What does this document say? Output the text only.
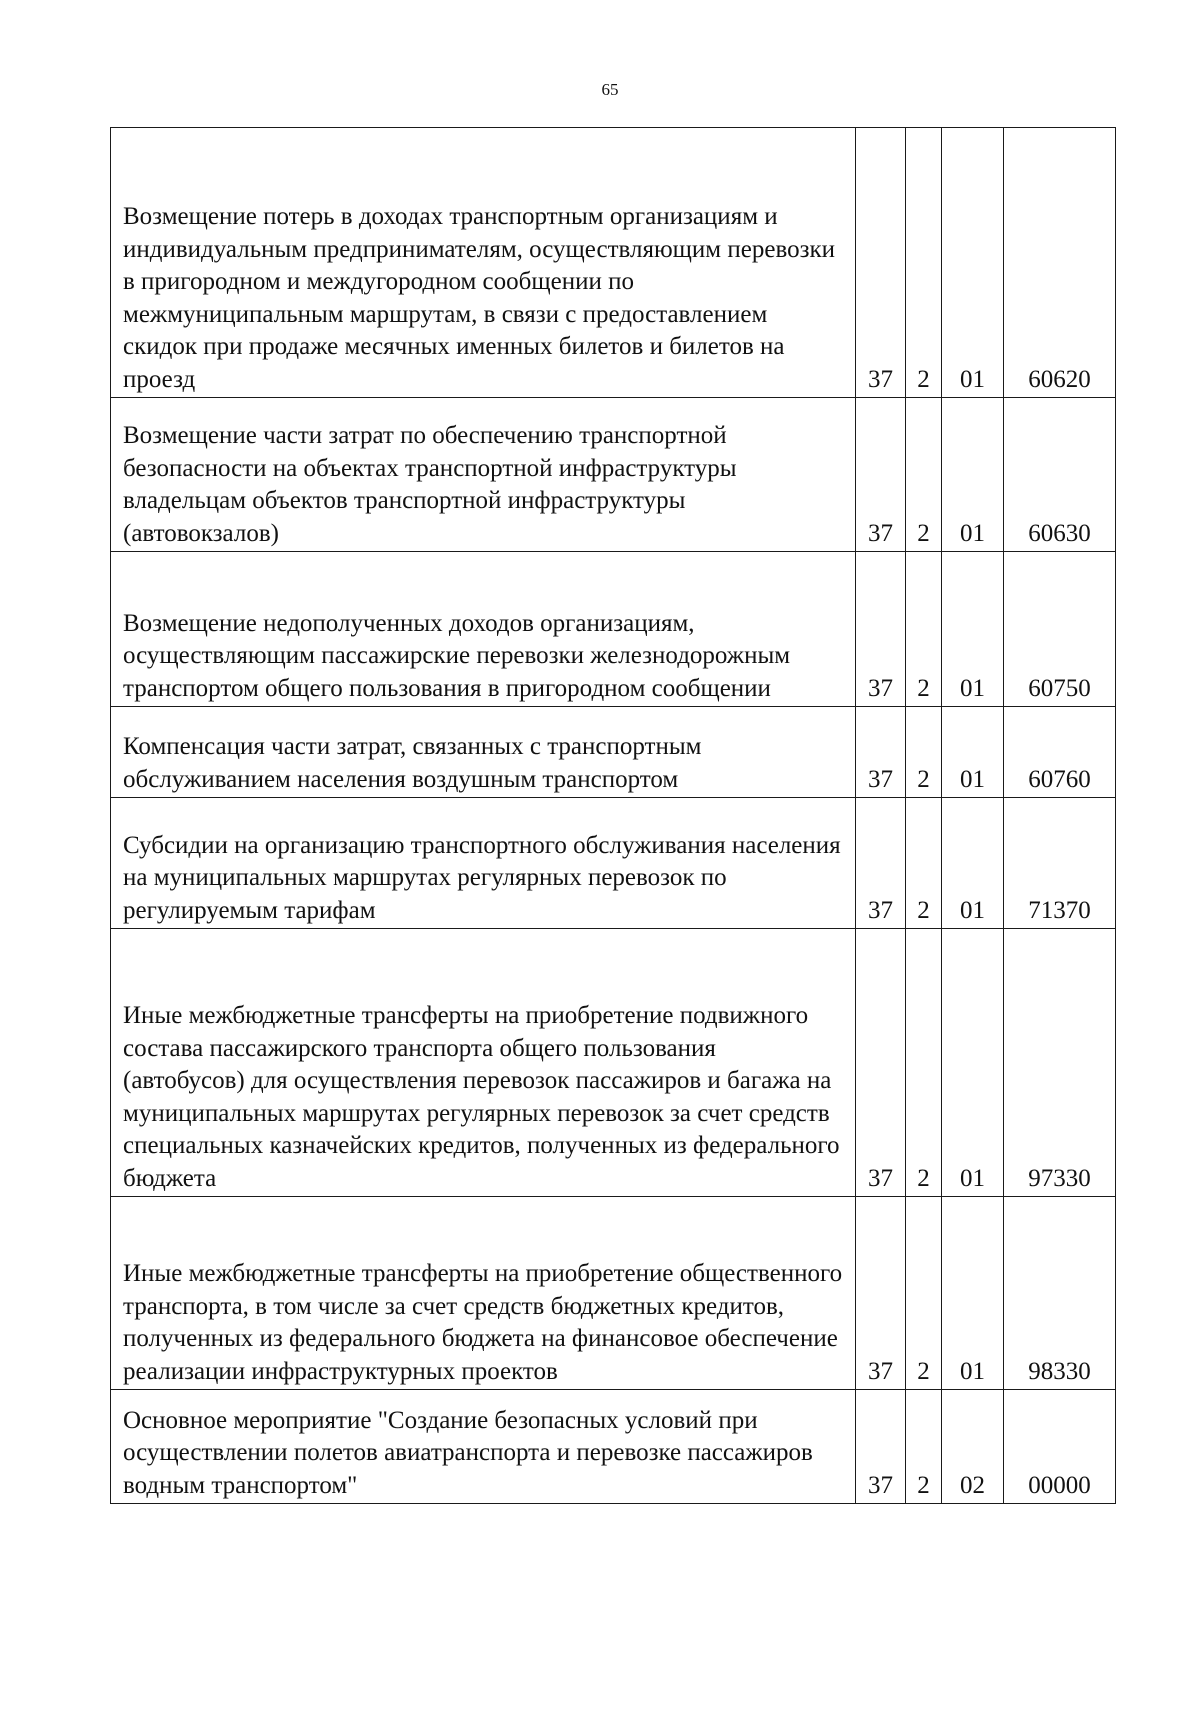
65
Возмещение потерь в доходах транспортным организациям и индивидуальным предпринимателям, осуществляющим перевозки в пригородном и междугородном сообщении по межмуниципальным маршрутам, в связи с предоставлением скидок при продаже месячных именных билетов и билетов на проезд	37	2	01	60620
Возмещение части затрат по обеспечению транспортной безопасности на объектах транспортной инфраструктуры владельцам объектов транспортной инфраструктуры (автовокзалов)	37	2	01	60630
Возмещение недополученных доходов организациям, осуществляющим пассажирские перевозки железнодорожным транспортом общего пользования в пригородном сообщении	37	2	01	60750
Компенсация части затрат, связанных с транспортным обслуживанием населения воздушным транспортом	37	2	01	60760
Субсидии на организацию транспортного обслуживания населения на муниципальных маршрутах регулярных перевозок по регулируемым тарифам	37	2	01	71370
Иные межбюджетные трансферты на приобретение подвижного состава пассажирского транспорта общего пользования (автобусов) для осуществления перевозок пассажиров и багажа на муниципальных маршрутах регулярных перевозок за счет средств специальных казначейских кредитов, полученных из федерального бюджета	37	2	01	97330
Иные межбюджетные трансферты на приобретение общественного транспорта, в том числе за счет средств бюджетных кредитов, полученных из федерального бюджета на финансовое обеспечение реализации инфраструктурных проектов	37	2	01	98330
Основное мероприятие "Создание безопасных условий при осуществлении полетов авиатранспорта и перевозке пассажиров водным транспортом"	37	2	02	00000
